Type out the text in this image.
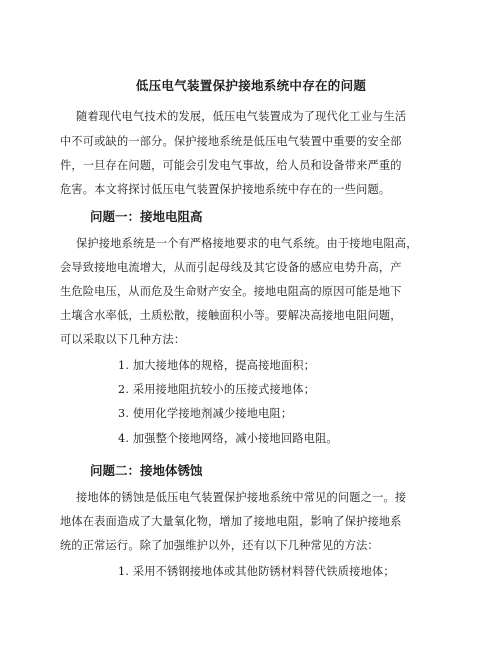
低压电气装置保护接地系统中存在的问题
随着现代电气技术的发展，低压电气装置成为了现代化工业与生活
中不可或缺的一部分。保护接地系统是低压电气装置中重要的安全部
件，一旦存在问题，可能会引发电气事故，给人员和设备带来严重的
危害。本文将探讨低压电气装置保护接地系统中存在的一些问题。
问题一：接地电阻高
保护接地系统是一个有严格接地要求的电气系统。由于接地电阻高，
会导致接地电流增大，从而引起母线及其它设备的感应电势升高，产
生危险电压，从而危及生命财产安全。接地电阻高的原因可能是地下
土壤含水率低，土质松散，接触面积小等。要解决高接地电阻问题，
可以采取以下几种方法：
1. 加大接地体的规格，提高接地面积；
2. 采用接地阻抗较小的压接式接地体；
3. 使用化学接地剂减少接地电阻；
4. 加强整个接地网络，减小接地回路电阻。
问题二：接地体锈蚀
接地体的锈蚀是低压电气装置保护接地系统中常见的问题之一。接
地体在表面造成了大量氧化物，增加了接地电阻，影响了保护接地系
统的正常运行。除了加强维护以外，还有以下几种常见的方法：
1. 采用不锈钢接地体或其他防锈材料替代铁质接地体；
